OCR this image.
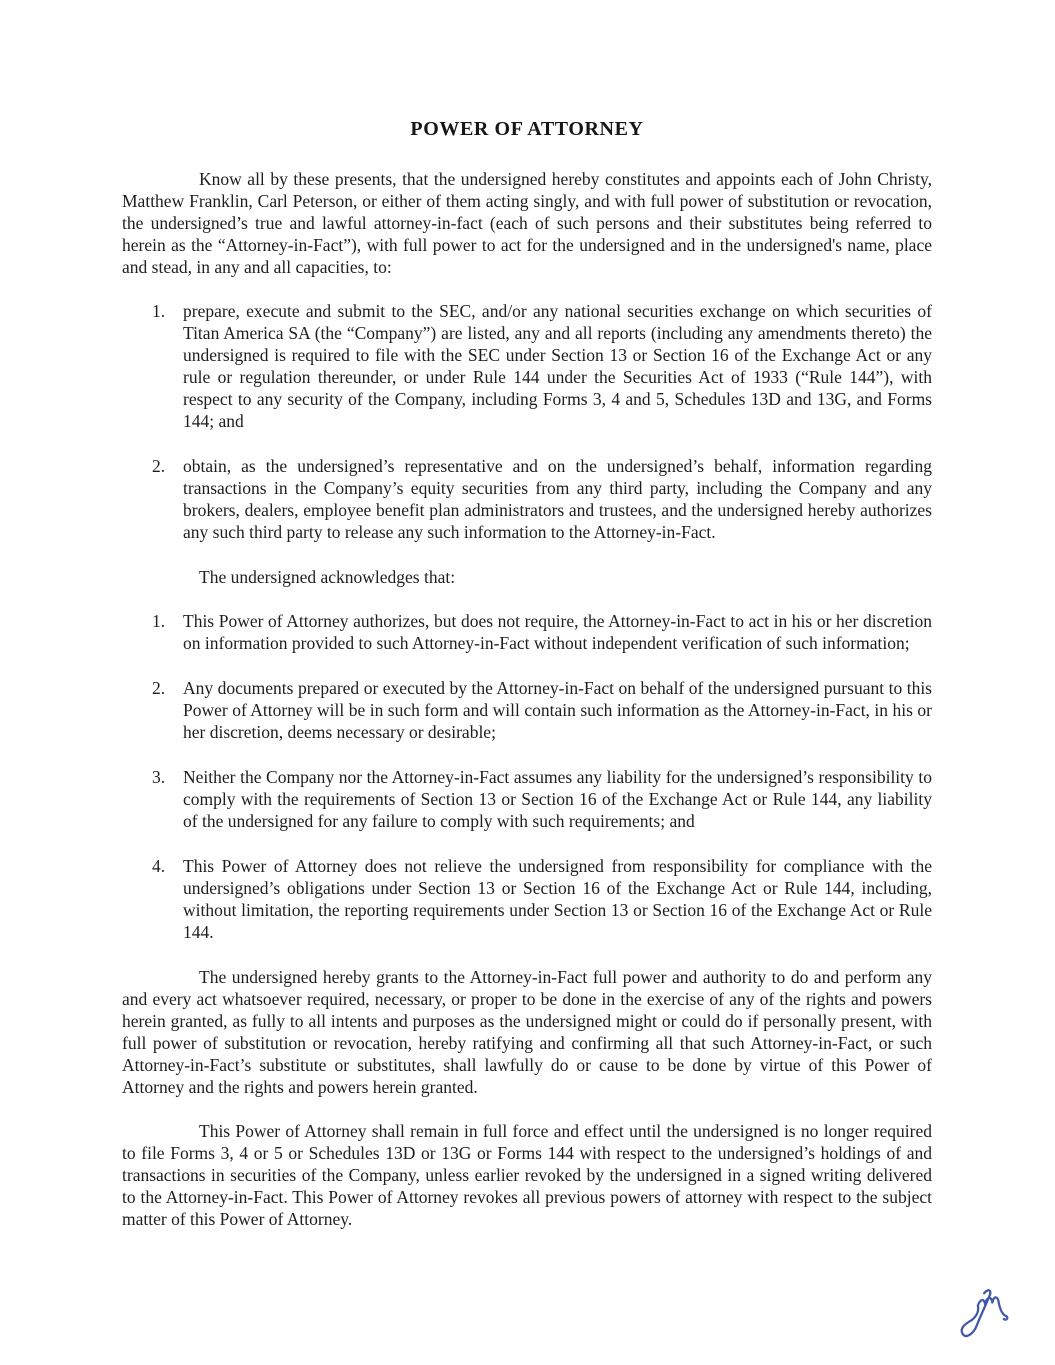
POWER OF ATTORNEY

Know all by these presents, that the undersigned hereby constitutes and appoints each of John Christy, Matthew Franklin, Carl Peterson, or either of them acting singly, and with full power of substitution or revocation, the undersigned’s true and lawful attorney-in-fact (each of such persons and their substitutes being referred to herein as the “Attorney-in-Fact”), with full power to act for the undersigned and in the undersigned's name, place and stead, in any and all capacities, to:

1. prepare, execute and submit to the SEC, and/or any national securities exchange on which securities of Titan America SA (the “Company”) are listed, any and all reports (including any amendments thereto) the undersigned is required to file with the SEC under Section 13 or Section 16 of the Exchange Act or any rule or regulation thereunder, or under Rule 144 under the Securities Act of 1933 (“Rule 144”), with respect to any security of the Company, including Forms 3, 4 and 5, Schedules 13D and 13G, and Forms 144; and
2. obtain, as the undersigned’s representative and on the undersigned’s behalf, information regarding transactions in the Company’s equity securities from any third party, including the Company and any brokers, dealers, employee benefit plan administrators and trustees, and the undersigned hereby authorizes any such third party to release any such information to the Attorney-in-Fact.

The undersigned acknowledges that:

1. This Power of Attorney authorizes, but does not require, the Attorney-in-Fact to act in his or her discretion on information provided to such Attorney-in-Fact without independent verification of such information;
2. Any documents prepared or executed by the Attorney-in-Fact on behalf of the undersigned pursuant to this Power of Attorney will be in such form and will contain such information as the Attorney-in-Fact, in his or her discretion, deems necessary or desirable;
3. Neither the Company nor the Attorney-in-Fact assumes any liability for the undersigned’s responsibility to comply with the requirements of Section 13 or Section 16 of the Exchange Act or Rule 144, any liability of the undersigned for any failure to comply with such requirements; and
4. This Power of Attorney does not relieve the undersigned from responsibility for compliance with the undersigned’s obligations under Section 13 or Section 16 of the Exchange Act or Rule 144, including, without limitation, the reporting requirements under Section 13 or Section 16 of the Exchange Act or Rule 144.

The undersigned hereby grants to the Attorney-in-Fact full power and authority to do and perform any and every act whatsoever required, necessary, or proper to be done in the exercise of any of the rights and powers herein granted, as fully to all intents and purposes as the undersigned might or could do if personally present, with full power of substitution or revocation, hereby ratifying and confirming all that such Attorney-in-Fact, or such Attorney-in-Fact’s substitute or substitutes, shall lawfully do or cause to be done by virtue of this Power of Attorney and the rights and powers herein granted.

This Power of Attorney shall remain in full force and effect until the undersigned is no longer required to file Forms 3, 4 or 5 or Schedules 13D or 13G or Forms 144 with respect to the undersigned’s holdings of and transactions in securities of the Company, unless earlier revoked by the undersigned in a signed writing delivered to the Attorney-in-Fact. This Power of Attorney revokes all previous powers of attorney with respect to the subject matter of this Power of Attorney.
